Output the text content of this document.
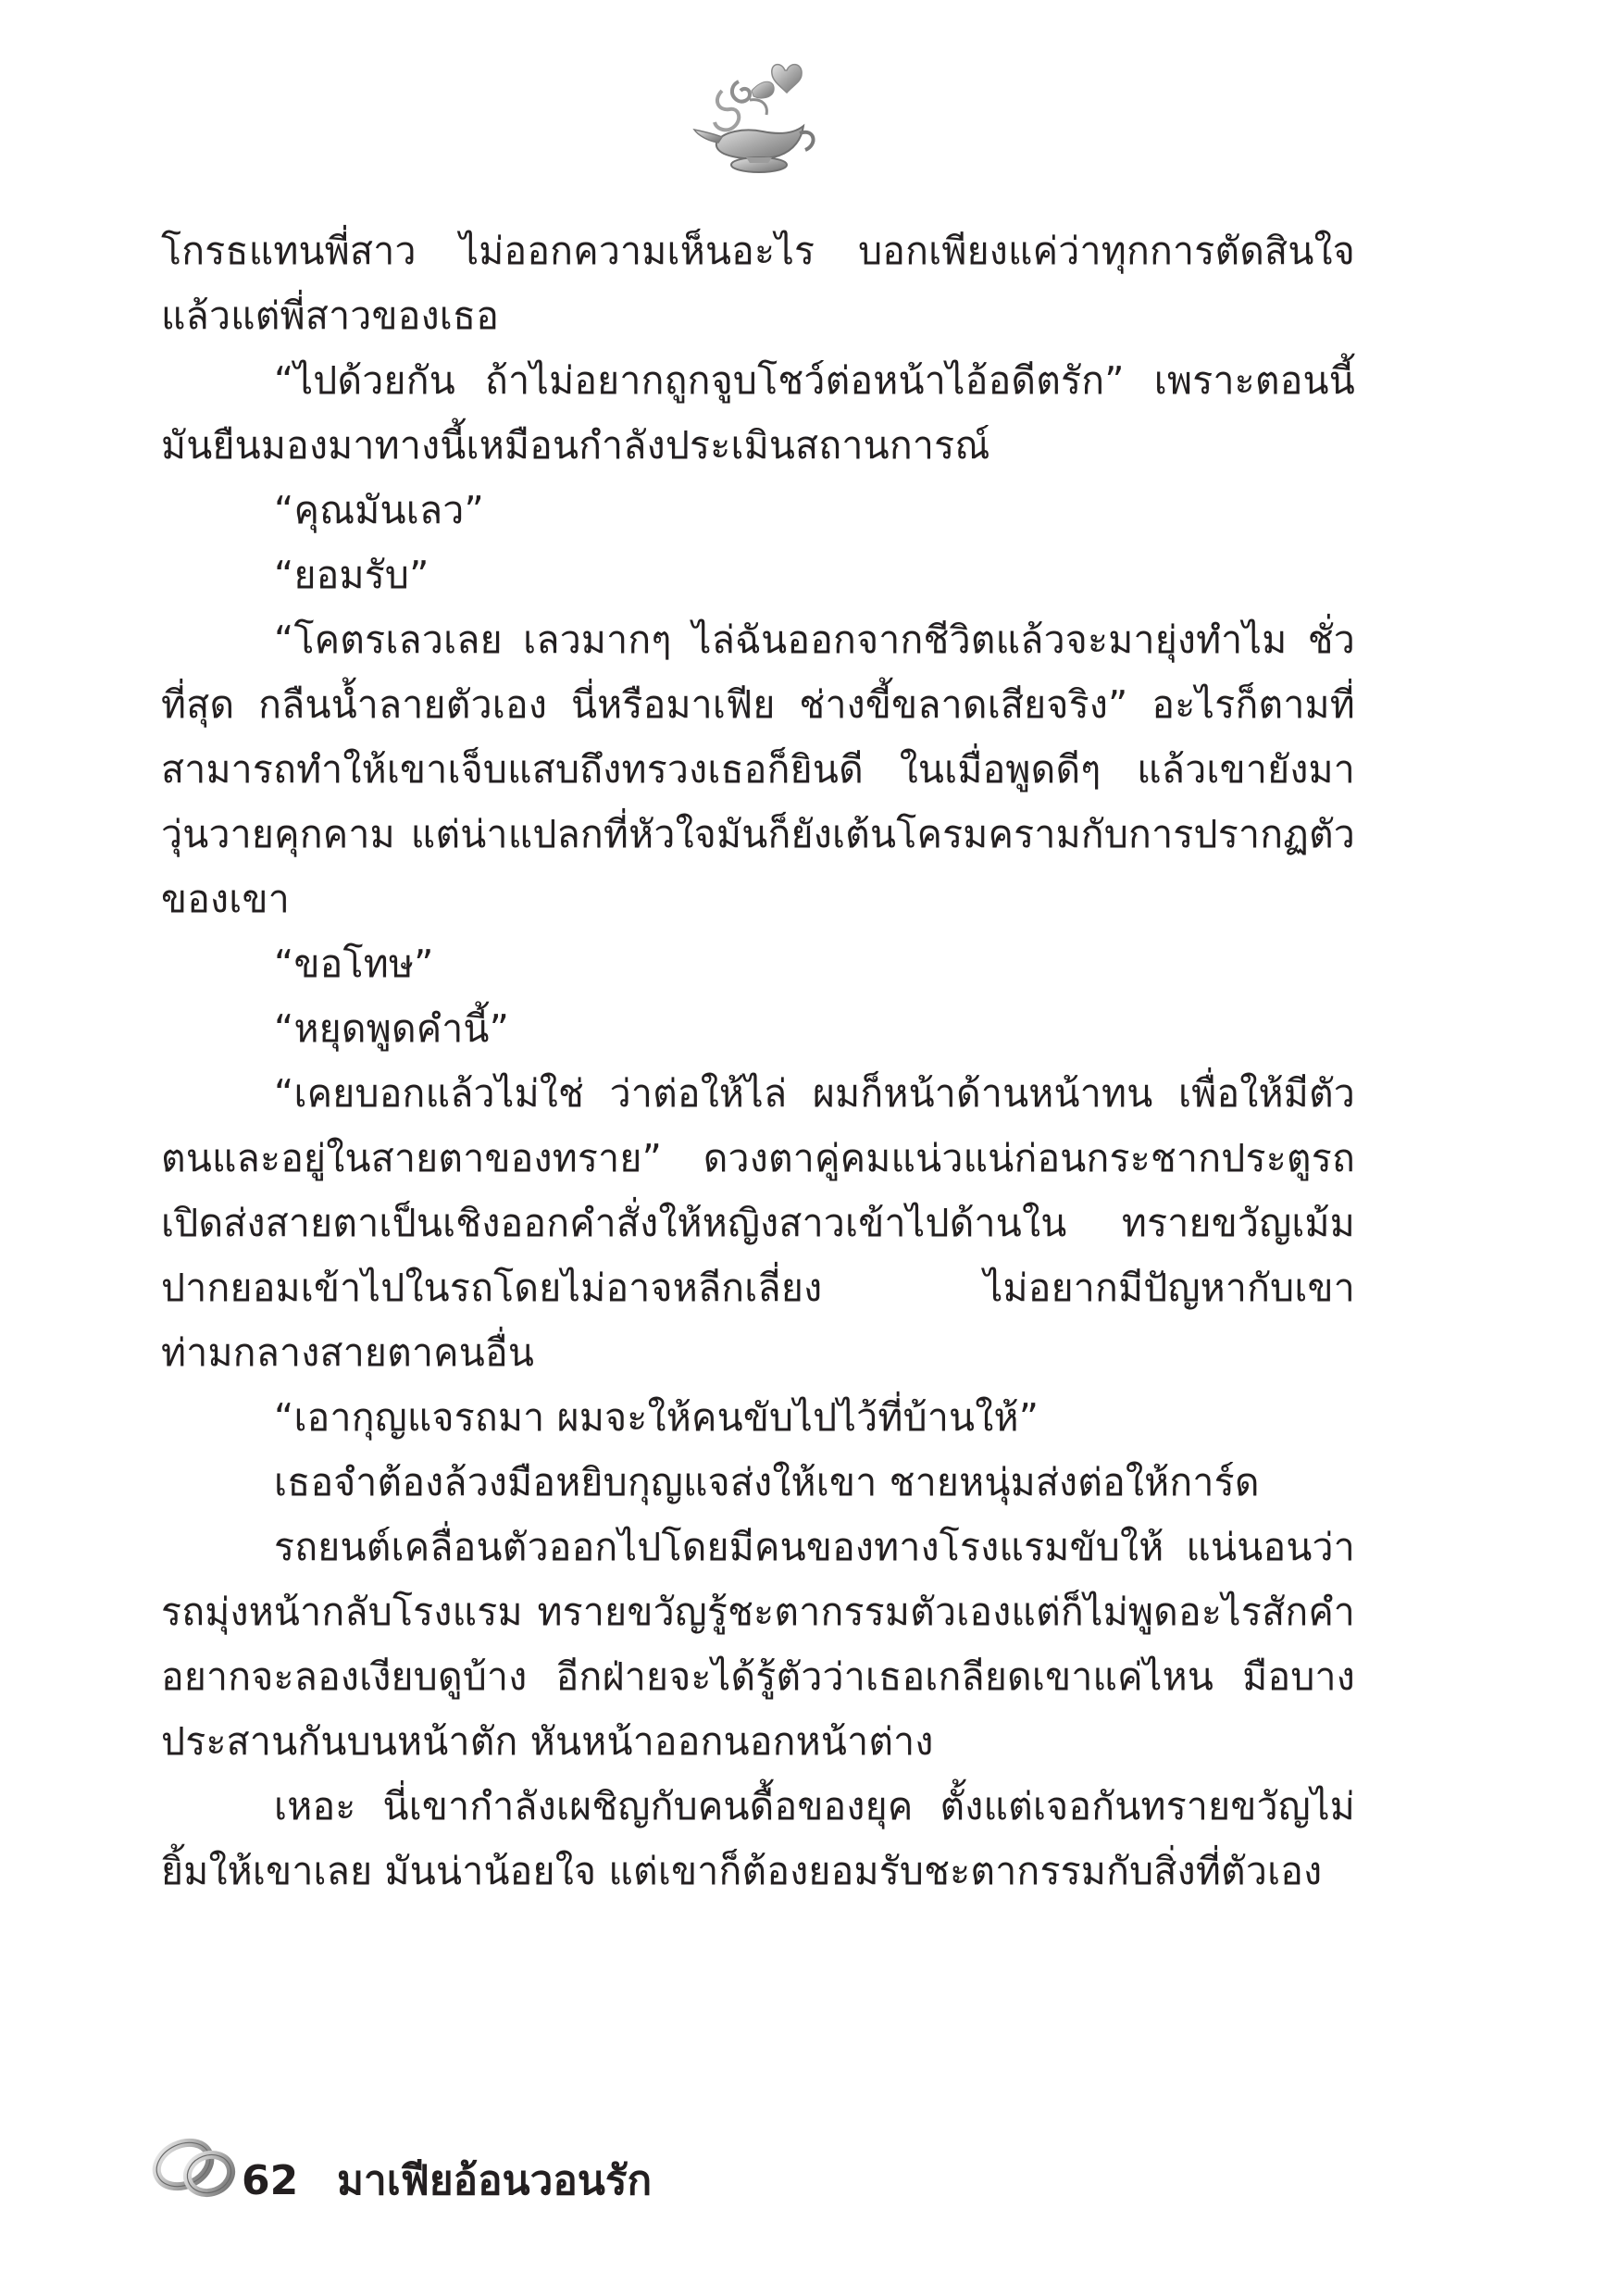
โกรธแทนพี่สาว ไม่ออกความเห็นอะไร บอกเพียงแค่ว่าทุกการตัดสินใจแล้วแต่พี่สาวของเธอ

“ไปด้วยกัน ถ้าไม่อยากถูกจูบโชว์ต่อหน้าไอ้อดีตรัก” เพราะตอนนี้มันยืนมองมาทางนี้เหมือนกำลังประเมินสถานการณ์

“คุณมันเลว”

“ยอมรับ”

“โคตรเลวเลย เลวมากๆ ไล่ฉันออกจากชีวิตแล้วจะมายุ่งทำไม ชั่วที่สุด กลืนน้ำลายตัวเอง นี่หรือมาเฟีย ช่างขี้ขลาดเสียจริง” อะไรก็ตามที่สามารถทำให้เขาเจ็บแสบถึงทรวงเธอก็ยินดี ในเมื่อพูดดีๆ แล้วเขายังมาวุ่นวายคุกคาม แต่น่าแปลกที่หัวใจมันก็ยังเต้นโครมครามกับการปรากฏตัวของเขา

“ขอโทษ”

“หยุดพูดคำนี้”

“เคยบอกแล้วไม่ใช่ ว่าต่อให้ไล่ ผมก็หน้าด้านหน้าทน เพื่อให้มีตัวตนและอยู่ในสายตาของทราย” ดวงตาคู่คมแน่วแน่ก่อนกระชากประตูรถเปิดส่งสายตาเป็นเชิงออกคำสั่งให้หญิงสาวเข้าไปด้านใน ทรายขวัญเม้มปากยอมเข้าไปในรถโดยไม่อาจหลีกเลี่ยง ไม่อยากมีปัญหากับเขาท่ามกลางสายตาคนอื่น

“เอากุญแจรถมา ผมจะให้คนขับไปไว้ที่บ้านให้”

เธอจำต้องล้วงมือหยิบกุญแจส่งให้เขา ชายหนุ่มส่งต่อให้การ์ด

รถยนต์เคลื่อนตัวออกไปโดยมีคนของทางโรงแรมขับให้ แน่นอนว่ารถมุ่งหน้ากลับโรงแรม ทรายขวัญรู้ชะตากรรมตัวเองแต่ก็ไม่พูดอะไรสักคำ อยากจะลองเงียบดูบ้าง อีกฝ่ายจะได้รู้ตัวว่าเธอเกลียดเขาแค่ไหน มือบางประสานกันบนหน้าตัก หันหน้าออกนอกหน้าต่าง

เหอะ นี่เขากำลังเผชิญกับคนดื้อของยุค ตั้งแต่เจอกันทรายขวัญไม่ยิ้มให้เขาเลย มันน่าน้อยใจ แต่เขาก็ต้องยอมรับชะตากรรมกับสิ่งที่ตัวเอง

62 มาเฟียอ้อนวอนรัก
